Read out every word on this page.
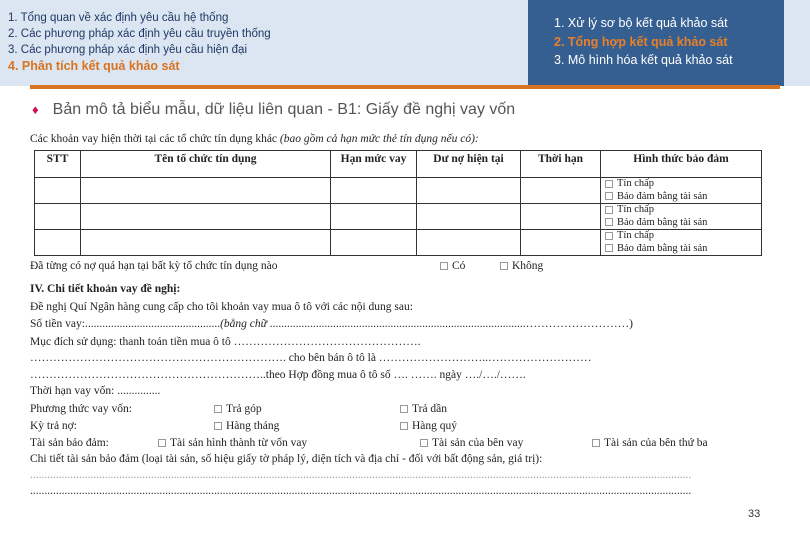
1. Tổng quan về xác định yêu cầu hệ thống
2. Các phương pháp xác định yêu cầu truyền thống
3. Các phương pháp xác định yêu cầu hiện đại
4. Phân tích kết quả khảo sát
1. Xử lý sơ bộ kết quả khảo sát
2. Tổng hợp kết quả khảo sát
3. Mô hình hóa kết quả khảo sát
♦ Bản mô tả biểu mẫu, dữ liệu liên quan - B1: Giấy đề nghị vay vốn
Các khoản vay hiện thời tại các tổ chức tín dụng khác (bao gồm cả hạn mức thẻ tín dụng nếu có):
STT	Tên tổ chức tín dụng	Hạn mức vay	Dư nợ hiện tại	Thời hạn	Hình thức bảo đảm
					Tín chấp
Bảo đảm bằng tài sản
					Tín chấp
Bảo đảm bằng tài sản
					Tín chấp
Bảo đảm bằng tài sản
Đã từng có nợ quá hạn tại bất kỳ tổ chức tín dụng nào	Có	Không
IV. Chi tiết khoản vay đề nghị:
Đề nghị Quí Ngân hàng cung cấp cho tôi khoản vay mua ô tô với các nội dung sau:
Số tiền vay:...............................................(bằng chữ .........................................................................................………………………)
Mục đích sử dụng: thanh toán tiền mua ô tô ………………………………………….
…………………………………………………………. cho bên bán ô tô là ………………………..………………………
……………………………………………………..theo Hợp đồng mua ô tô số …. ……. ngày …./…./…….
Thời hạn vay vốn: ...............
Phương thức vay vốn:	Trả góp	Trả dần
Kỳ trả nợ:	Hàng tháng	Hàng quý
Tài sản bảo đảm:	Tài sản hình thành từ vốn vay	Tài sản của bên vay	Tài sản của bên thứ ba
Chi tiết tài sản bảo đảm (loại tài sản, số hiệu giấy tờ pháp lý, diện tích và địa chỉ - đối với bất động sản, giá trị):
......................................................................................................................................................................................................................................
......................................................................................................................................................................................................................................
33
